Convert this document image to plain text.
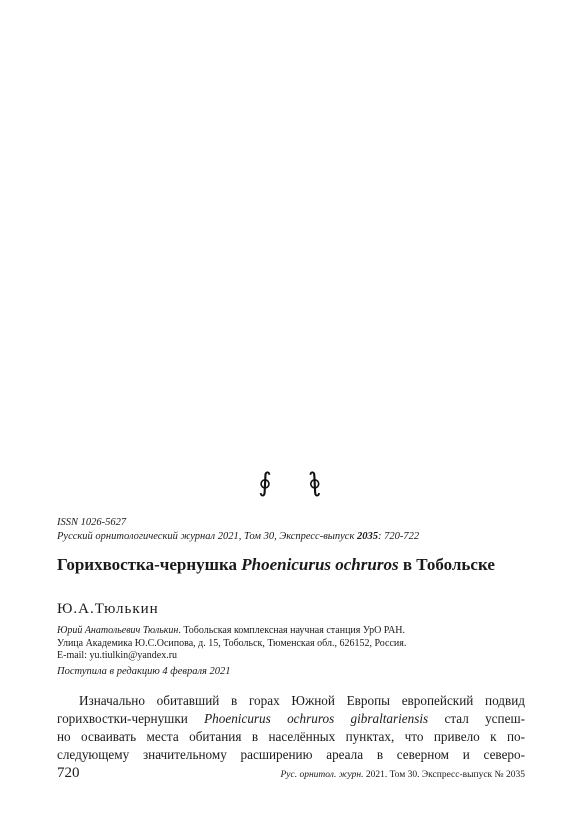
∮ ∮
ISSN 1026-5627
Русский орнитологический журнал 2021, Том 30, Экспресс-выпуск 2035: 720-722
Горихвостка-чернушка Phoenicurus ochruros в Тобольске
Ю.А.Тюлькин
Юрий Анатольевич Тюлькин. Тобольская комплексная научная станция УрО РАН.
Улица Академика Ю.С.Осипова, д. 15, Тобольск, Тюменская обл., 626152, Россия.
E-mail: yu.tiulkin@yandex.ru
Поступила в редакцию 4 февраля 2021
Изначально обитавший в горах Южной Европы европейский подвид
горихвостки-чернушки Phoenicurus ochruros gibraltariensis стал успеш-
но осваивать места обитания в населённых пунктах, что привело к по-
следующему значительному расширению ареала в северном и северо-
720	Рус. орнитол. журн. 2021. Том 30. Экспресс-выпуск № 2035
